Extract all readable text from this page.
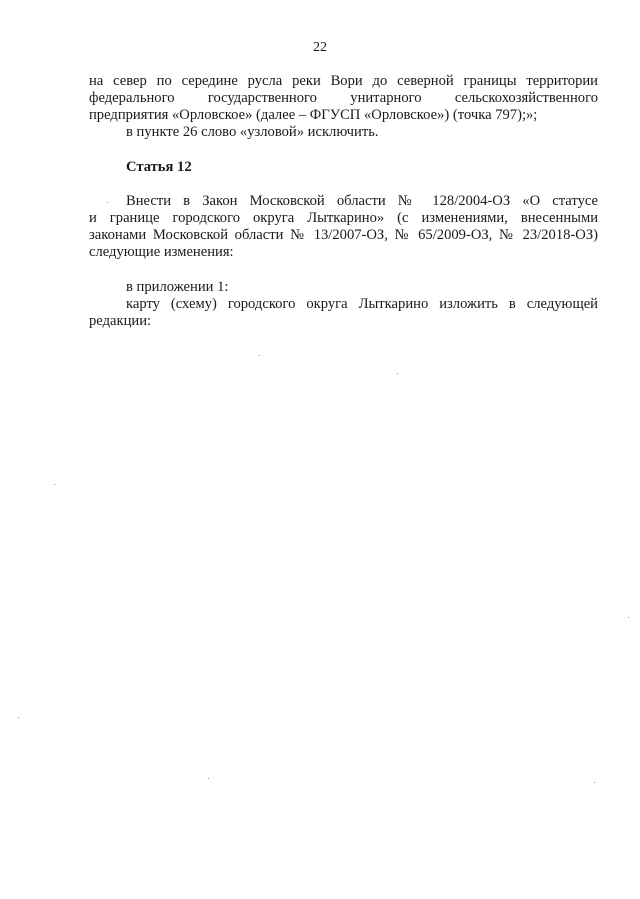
22

на север по середине русла реки Вори до северной границы территории

федерального государственного унитарного сельскохозяйственного

предприятия «Орловское» (далее – ФГУСП «Орловское») (точка 797);»;

в пункте 26 слово «узловой» исключить.

Статья 12

Внести в Закон Московской области № 128/2004-ОЗ «О статусе

и границе городского округа Лыткарино» (с изменениями, внесенными

законами Московской области № 13/2007-ОЗ, № 65/2009-ОЗ, № 23/2018-ОЗ)

следующие изменения:

в приложении 1:

карту (схему) городского округа Лыткарино изложить в следующей

редакции:
